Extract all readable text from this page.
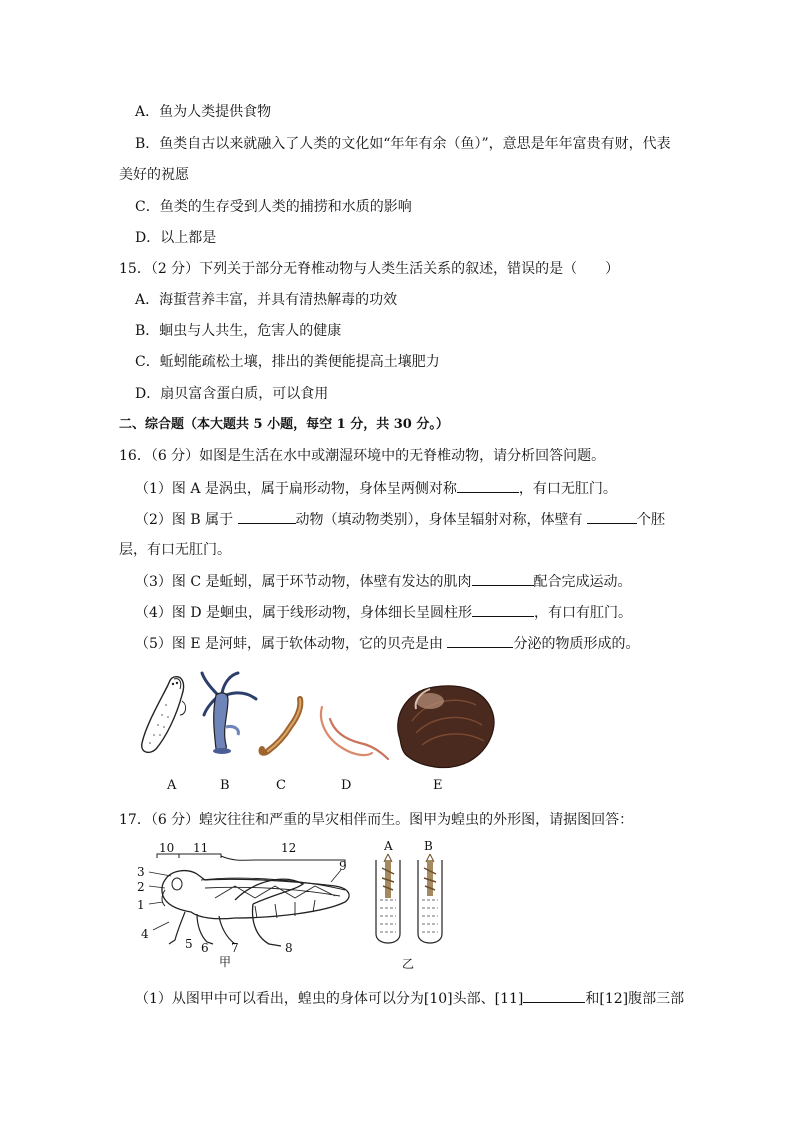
A．鱼为人类提供食物
B．鱼类自古以来就融入了人类的文化如“年年有余（鱼）”，意思是年年富贵有财，代表
美好的祝愿
C．鱼类的生存受到人类的捕捞和水质的影响
D．以上都是
15．（2 分）下列关于部分无脊椎动物与人类生活关系的叙述，错误的是（　　）
A．海蜇营养丰富，并具有清热解毒的功效
B．蛔虫与人共生，危害人的健康
C．蚯蚓能疏松土壤，排出的粪便能提高土壤肥力
D．扇贝富含蛋白质，可以食用
二、综合题（本大题共 5 小题，每空 1 分，共 30 分。）
16．（6 分）如图是生活在水中或潮湿环境中的无脊椎动物，请分析回答问题。
（1）图 A 是涡虫，属于扁形动物，身体呈两侧对称	，有口无肛门。
（2）图 B 属于	动物（填动物类别），身体呈辐射对称，体壁有	个胚
层，有口无肛门。
（3）图 C 是蚯蚓，属于环节动物，体壁有发达的肌肉	配合完成运动。
（4）图 D 是蛔虫，属于线形动物，身体细长呈圆柱形	，有口有肛门。
（5）图 E 是河蚌，属于软体动物，它的贝壳是由	分泌的物质形成的。
A	B	C	D	E
17．（6 分）蝗灾往往和严重的旱灾相伴而生。图甲为蝗虫的外形图，请据图回答：
3
2
1
4
5 6 7	8
9
10 11	12
甲
A	B
乙
（1）从图甲中可以看出，蝗虫的身体可以分为[10]头部、[11]	和[12]腹部三部
